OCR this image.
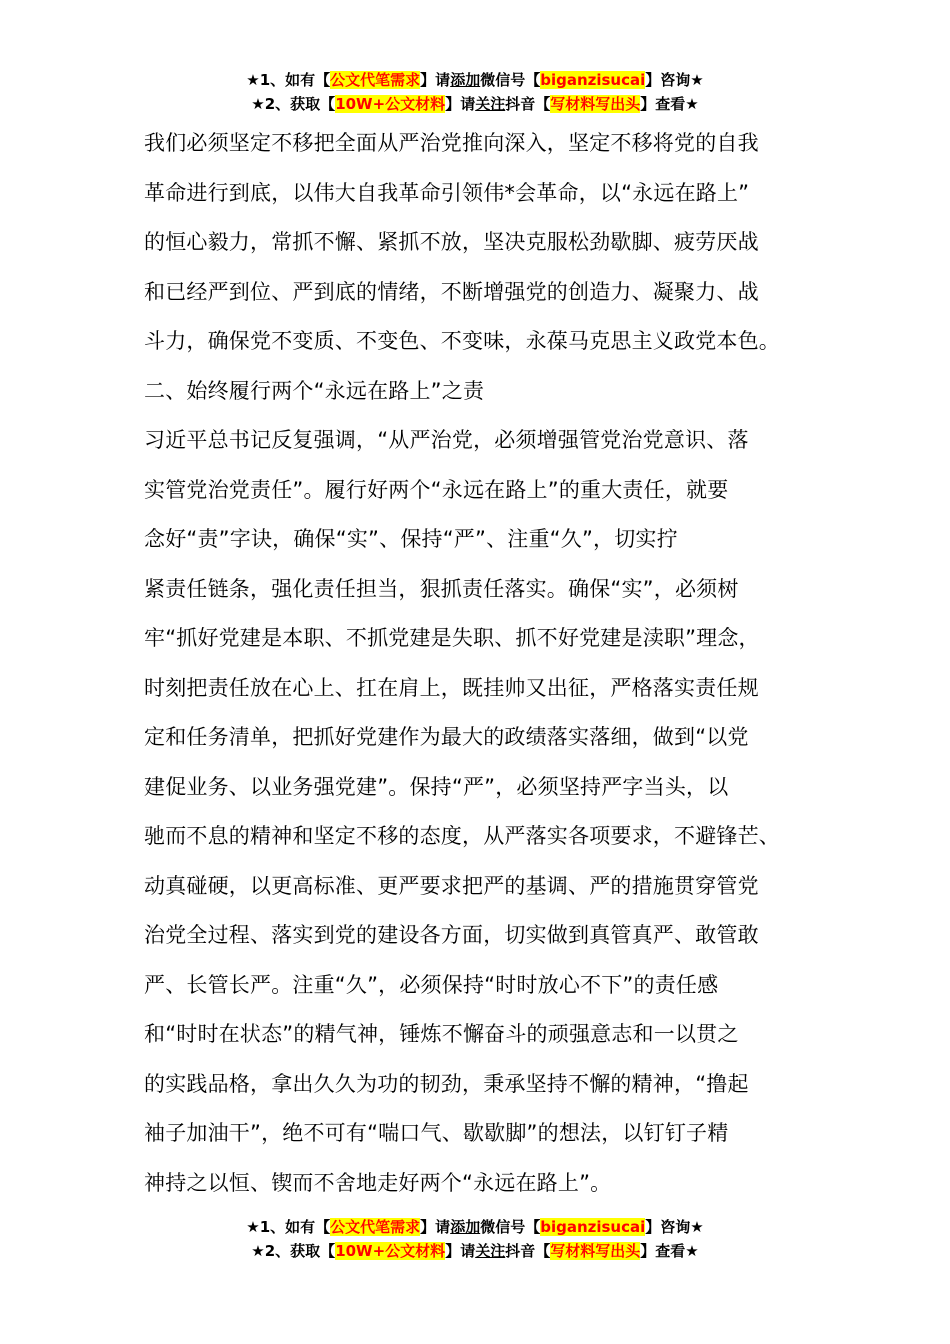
★1、如有【公文代笔需求】请添加微信号【biganzisucai】咨询★
★2、获取【10W+公文材料】请关注抖音【写材料写出头】查看★
我们必须坚定不移把全面从严治党推向深入，坚定不移将党的自我
革命进行到底，以伟大自我革命引领伟*会革命，以“永远在路上”
的恒心毅力，常抓不懈、紧抓不放，坚决克服松劲歇脚、疲劳厌战
和已经严到位、严到底的情绪，不断增强党的创造力、凝聚力、战
斗力，确保党不变质、不变色、不变味，永葆马克思主义政党本色。
二、始终履行两个“永远在路上”之责
习近平总书记反复强调，“从严治党，必须增强管党治党意识、落
实管党治党责任”。履行好两个“永远在路上”的重大责任，就要
念好“责”字诀，确保“实”、保持“严”、注重“久”，切实拧
紧责任链条，强化责任担当，狠抓责任落实。确保“实”，必须树
牢“抓好党建是本职、不抓党建是失职、抓不好党建是渎职”理念，
时刻把责任放在心上、扛在肩上，既挂帅又出征，严格落实责任规
定和任务清单，把抓好党建作为最大的政绩落实落细，做到“以党
建促业务、以业务强党建”。保持“严”，必须坚持严字当头，以
驰而不息的精神和坚定不移的态度，从严落实各项要求，不避锋芒、
动真碰硬，以更高标准、更严要求把严的基调、严的措施贯穿管党
治党全过程、落实到党的建设各方面，切实做到真管真严、敢管敢
严、长管长严。注重“久”，必须保持“时时放心不下”的责任感
和“时时在状态”的精气神，锤炼不懈奋斗的顽强意志和一以贯之
的实践品格，拿出久久为功的韧劲，秉承坚持不懈的精神，“撸起
袖子加油干”，绝不可有“喘口气、歇歇脚”的想法，以钉钉子精
神持之以恒、锲而不舍地走好两个“永远在路上”。
★1、如有【公文代笔需求】请添加微信号【biganzisucai】咨询★
★2、获取【10W+公文材料】请关注抖音【写材料写出头】查看★
